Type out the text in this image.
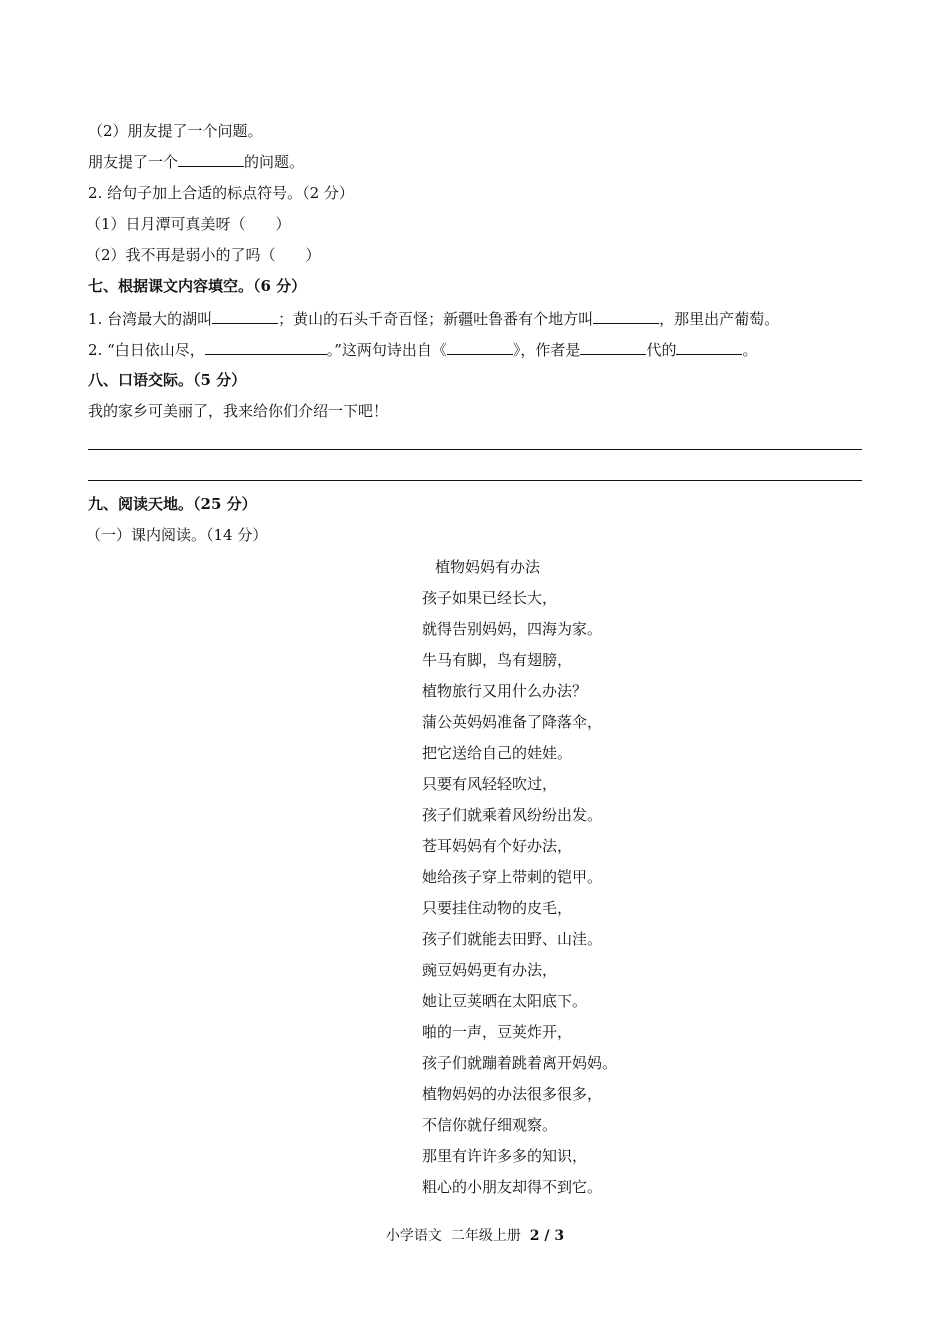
（2）朋友提了一个问题。
朋友提了一个	的问题。
2. 给句子加上合适的标点符号。（2 分）
（1）日月潭可真美呀（　　）
（2）我不再是弱小的了吗（　　）
七、根据课文内容填空。（6 分）
1. 台湾最大的湖叫	；黄山的石头千奇百怪；新疆吐鲁番有个地方叫	，那里出产葡萄。
2. “白日依山尽，	。”这两句诗出自《	》，作者是	代的	。
八、口语交际。（5 分）
我的家乡可美丽了，我来给你们介绍一下吧！
九、阅读天地。（25 分）
（一）课内阅读。（14 分）
植物妈妈有办法
孩子如果已经长大，
就得告别妈妈，四海为家。
牛马有脚，鸟有翅膀，
植物旅行又用什么办法？
蒲公英妈妈准备了降落伞，
把它送给自己的娃娃。
只要有风轻轻吹过，
孩子们就乘着风纷纷出发。
苍耳妈妈有个好办法，
她给孩子穿上带刺的铠甲。
只要挂住动物的皮毛，
孩子们就能去田野、山洼。
豌豆妈妈更有办法，
她让豆荚晒在太阳底下。
啪的一声，豆荚炸开，
孩子们就蹦着跳着离开妈妈。
植物妈妈的办法很多很多，
不信你就仔细观察。
那里有许许多多的知识，
粗心的小朋友却得不到它。
小学语文  二年级上册  2 / 3
